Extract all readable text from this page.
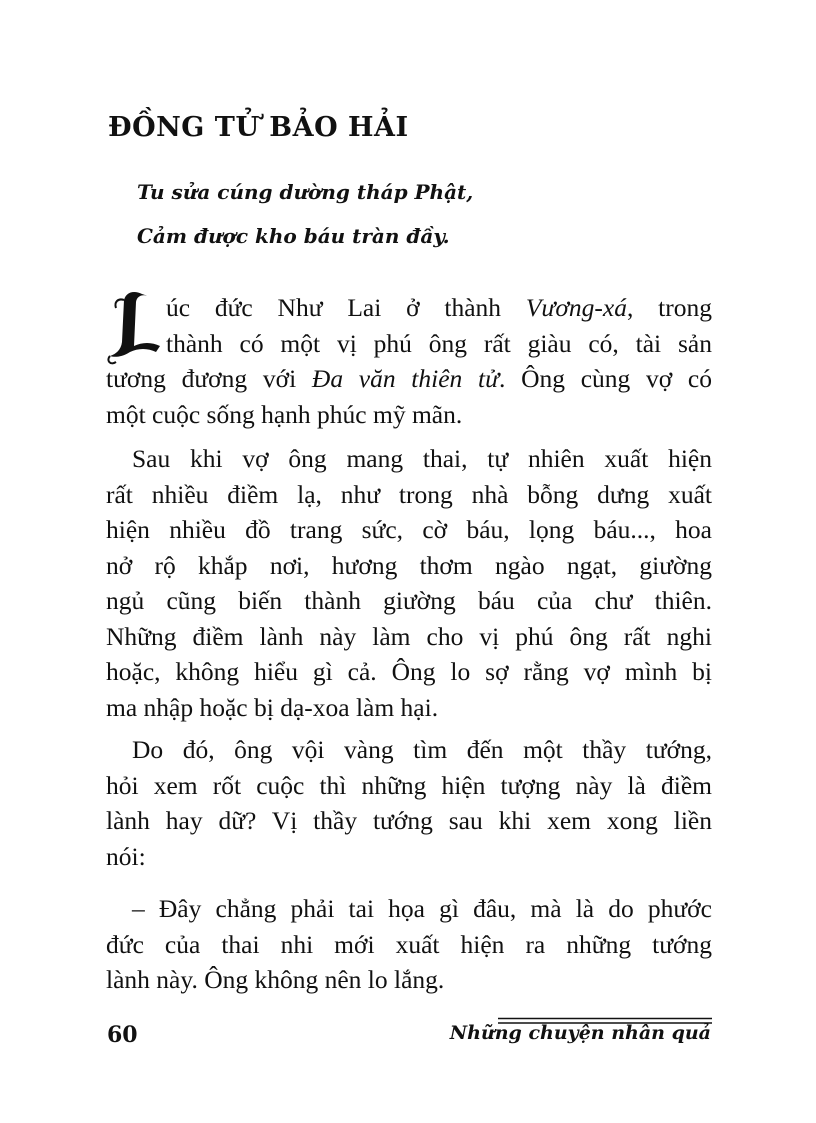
ĐỒNG TỬ BẢO HẢI

Tu sửa cúng dường tháp Phật,

Cảm được kho báu tràn đầy.

L
úc đức Như Lai ở thành Vương-xá, trong
thành có một vị phú ông rất giàu có, tài sản
tương đương với Đa văn thiên tử. Ông cùng vợ có
một cuộc sống hạnh phúc mỹ mãn.
Sau khi vợ ông mang thai, tự nhiên xuất hiện
rất nhiều điềm lạ, như trong nhà bỗng dưng xuất
hiện nhiều đồ trang sức, cờ báu, lọng báu..., hoa
nở rộ khắp nơi, hương thơm ngào ngạt, giường
ngủ cũng biến thành giường báu của chư thiên.
Những điềm lành này làm cho vị phú ông rất nghi
hoặc, không hiểu gì cả. Ông lo sợ rằng vợ mình bị
ma nhập hoặc bị dạ-xoa làm hại.
Do đó, ông vội vàng tìm đến một thầy tướng,
hỏi xem rốt cuộc thì những hiện tượng này là điềm
lành hay dữ? Vị thầy tướng sau khi xem xong liền
nói:
– Đây chẳng phải tai họa gì đâu, mà là do phước
đức của thai nhi mới xuất hiện ra những tướng
lành này. Ông không nên lo lắng.

60	Những chuyện nhân quả
